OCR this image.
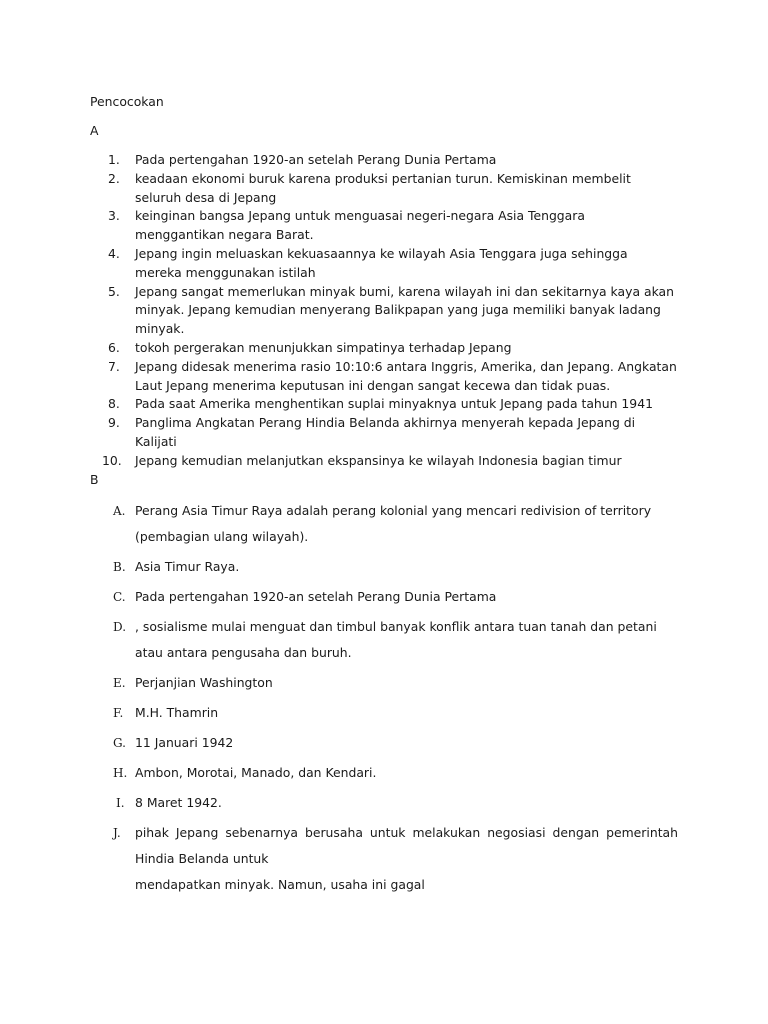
Pencocokan
A
1. Pada pertengahan 1920-an setelah Perang Dunia Pertama
2. keadaan ekonomi buruk karena produksi pertanian turun. Kemiskinan membelit seluruh desa di Jepang
3. keinginan bangsa Jepang untuk menguasai negeri-negara Asia Tenggara menggantikan negara Barat.
4. Jepang ingin meluaskan kekuasaannya ke wilayah Asia Tenggara juga sehingga mereka menggunakan istilah
5. Jepang sangat memerlukan minyak bumi, karena wilayah ini dan sekitarnya kaya akan minyak. Jepang kemudian menyerang Balikpapan yang juga memiliki banyak ladang minyak.
6. tokoh pergerakan menunjukkan simpatinya terhadap Jepang
7. Jepang didesak menerima rasio 10:10:6 antara Inggris, Amerika, dan Jepang. Angkatan Laut Jepang menerima keputusan ini dengan sangat kecewa dan tidak puas.
8. Pada saat Amerika menghentikan suplai minyaknya untuk Jepang pada tahun 1941
9. Panglima Angkatan Perang Hindia Belanda akhirnya menyerah kepada Jepang di Kalijati
10. Jepang kemudian melanjutkan ekspansinya ke wilayah Indonesia bagian timur
B
A. Perang Asia Timur Raya adalah perang kolonial yang mencari redivision of territory (pembagian ulang wilayah).
B. Asia Timur Raya.
C. Pada pertengahan 1920-an setelah Perang Dunia Pertama
D. , sosialisme mulai menguat dan timbul banyak konflik antara tuan tanah dan petani atau antara pengusaha dan buruh.
E. Perjanjian Washington
F. M.H. Thamrin
G. 11 Januari 1942
H. Ambon, Morotai, Manado, dan Kendari.
I. 8 Maret 1942.
J. pihak Jepang sebenarnya berusaha untuk melakukan negosiasi dengan pemerintah Hindia Belanda untuk
mendapatkan minyak. Namun, usaha ini gagal
